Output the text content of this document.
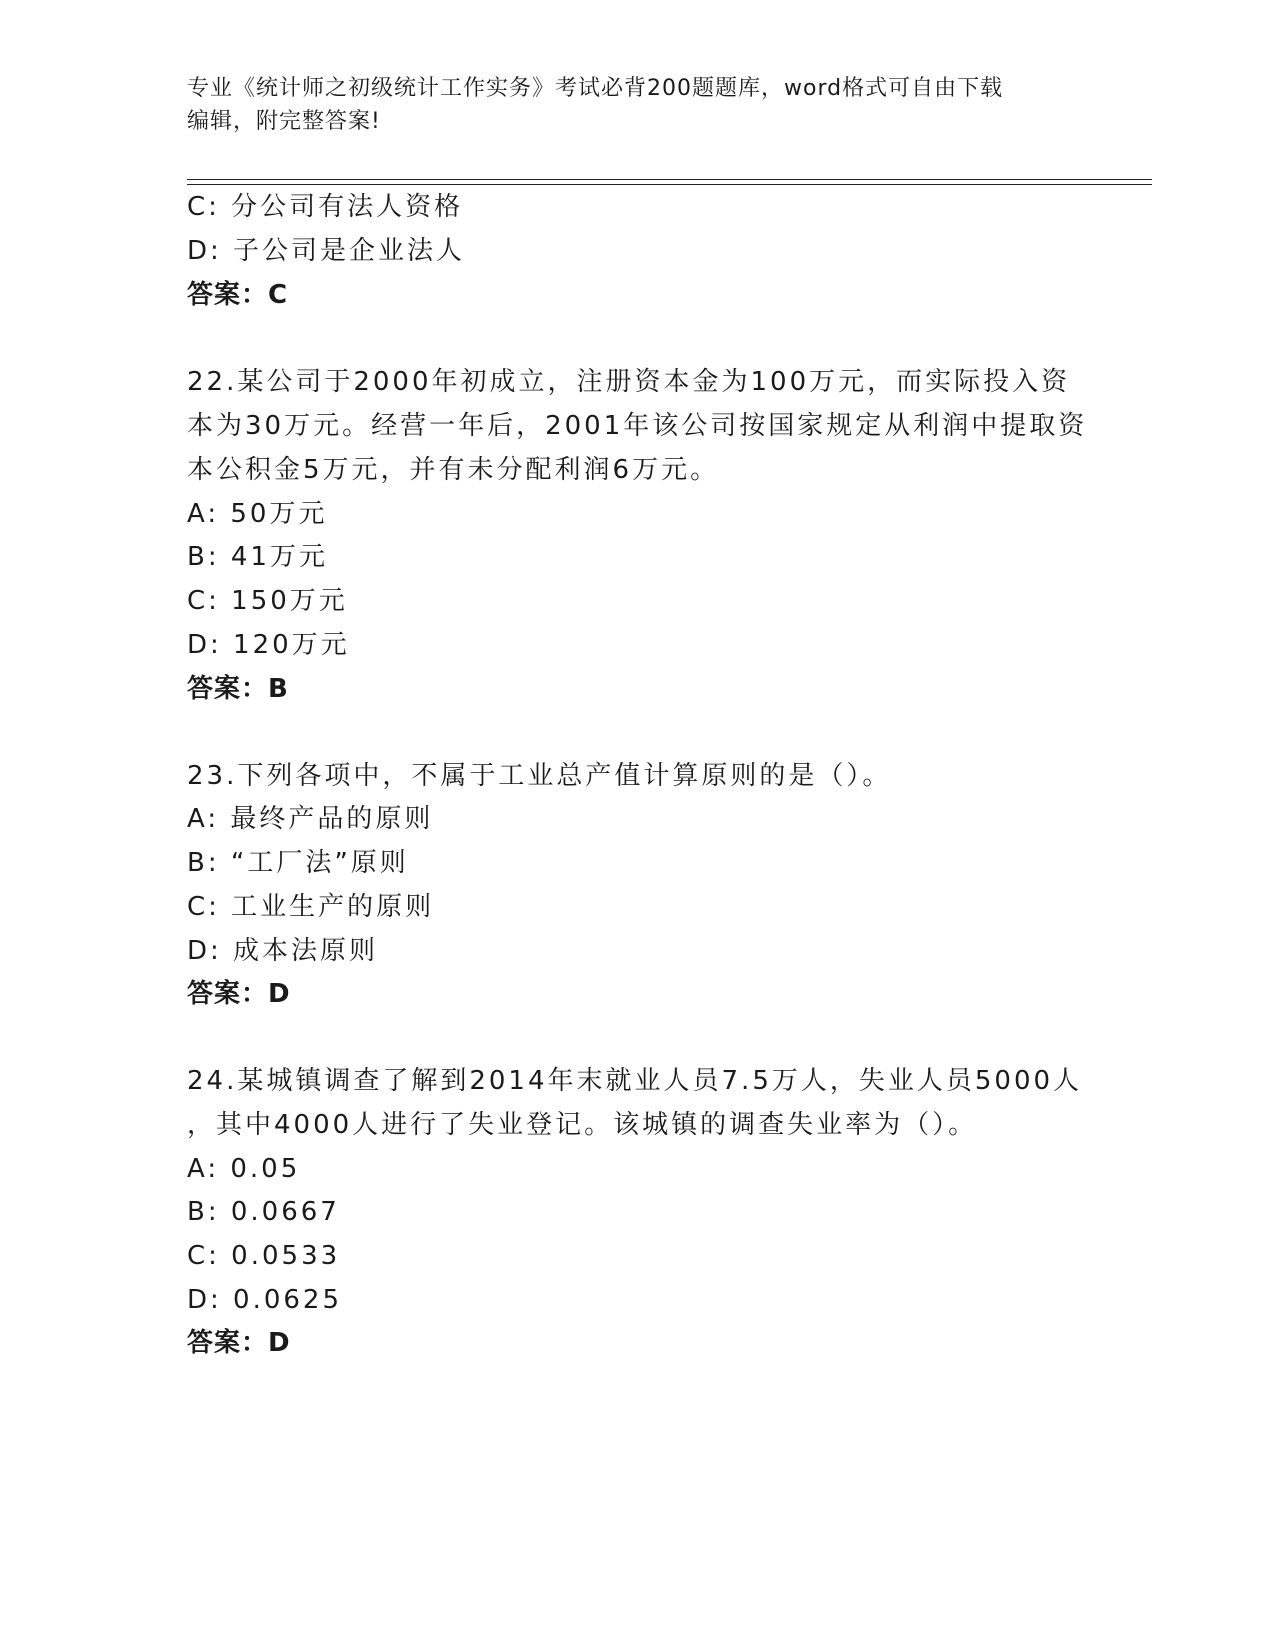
专业《统计师之初级统计工作实务》考试必背200题题库，word格式可自由下载
编辑，附完整答案!
C: 分公司有法人资格
D: 子公司是企业法人
答案：C
22.某公司于2000年初成立，注册资本金为100万元，而实际投入资
本为30万元。经营一年后，2001年该公司按国家规定从利润中提取资
本公积金5万元，并有未分配利润6万元。
A: 50万元
B: 41万元
C: 150万元
D: 120万元
答案：B
23.下列各项中，不属于工业总产值计算原则的是（）。
A: 最终产品的原则
B: “工厂法”原则
C: 工业生产的原则
D: 成本法原则
答案：D
24.某城镇调查了解到2014年末就业人员7.5万人，失业人员5000人
，其中4000人进行了失业登记。该城镇的调查失业率为（）。
A: 0.05
B: 0.0667
C: 0.0533
D: 0.0625
答案：D
